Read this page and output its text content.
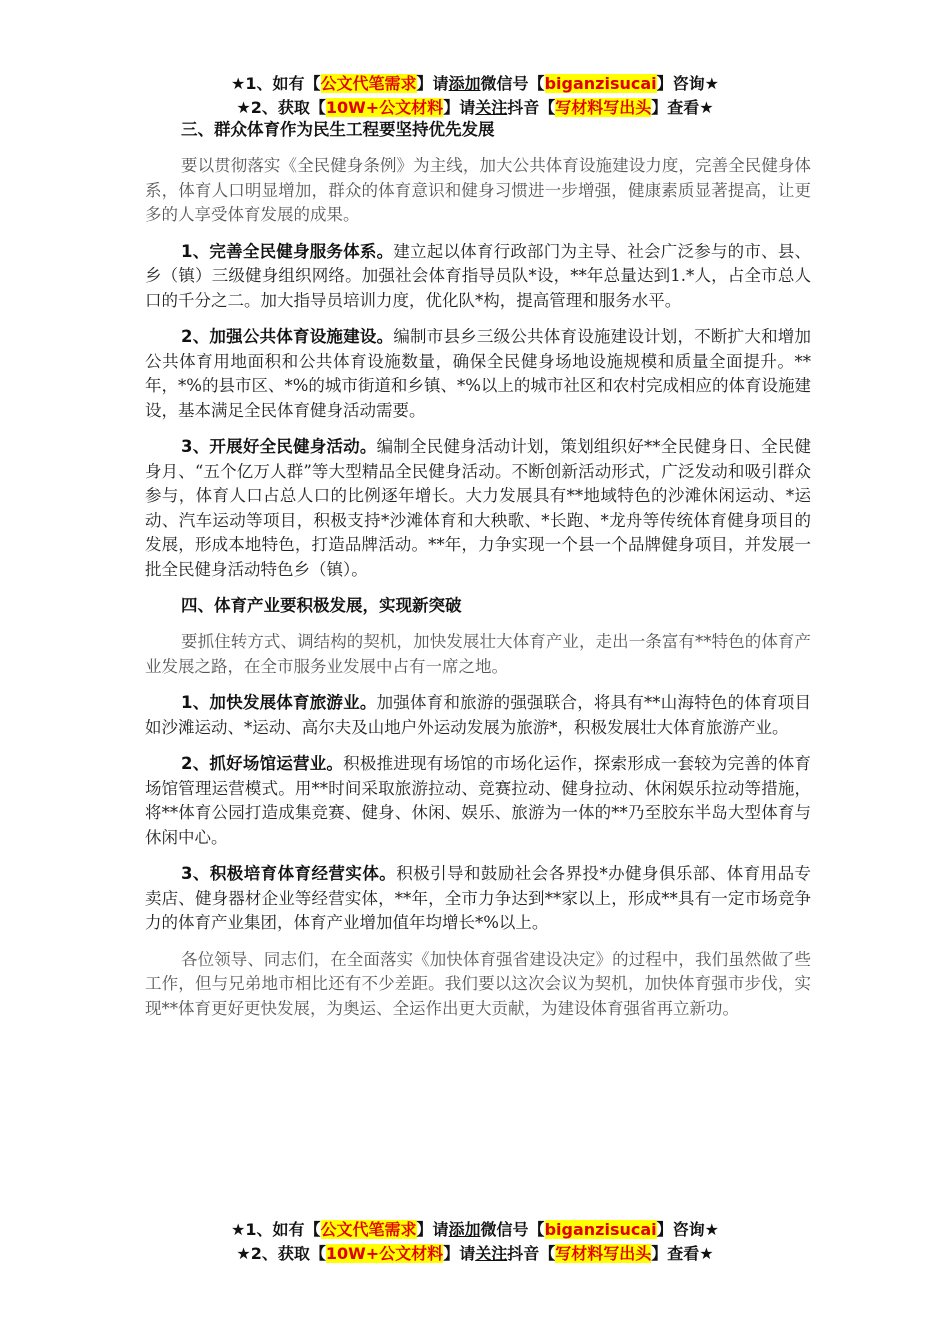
★1、如有【公文代笔需求】请添加微信号【biganzisucai】咨询★
★2、获取【10W+公文材料】请关注抖音【写材料写出头】查看★
三、群众体育作为民生工程要坚持优先发展

要以贯彻落实《全民健身条例》为主线，加大公共体育设施建设力度，完善全民健身体系，体育人口明显增加，群众的体育意识和健身习惯进一步增强，健康素质显著提高，让更多的人享受体育发展的成果。

1、完善全民健身服务体系。建立起以体育行政部门为主导、社会广泛参与的市、县、乡（镇）三级健身组织网络。加强社会体育指导员队*设，**年总量达到1.*人，占全市总人口的千分之二。加大指导员培训力度，优化队*构，提高管理和服务水平。

2、加强公共体育设施建设。编制市县乡三级公共体育设施建设计划，不断扩大和增加公共体育用地面积和公共体育设施数量，确保全民健身场地设施规模和质量全面提升。**年，*%的县市区、*%的城市街道和乡镇、*%以上的城市社区和农村完成相应的体育设施建设，基本满足全民体育健身活动需要。

3、开展好全民健身活动。编制全民健身活动计划，策划组织好**全民健身日、全民健身月、“五个亿万人群”等大型精品全民健身活动。不断创新活动形式，广泛发动和吸引群众参与，体育人口占总人口的比例逐年增长。大力发展具有**地域特色的沙滩休闲运动、*运动、汽车运动等项目，积极支持*沙滩体育和大秧歌、*长跑、*龙舟等传统体育健身项目的发展，形成本地特色，打造品牌活动。**年，力争实现一个县一个品牌健身项目，并发展一批全民健身活动特色乡（镇）。

四、体育产业要积极发展，实现新突破

要抓住转方式、调结构的契机，加快发展壮大体育产业，走出一条富有**特色的体育产业发展之路，在全市服务业发展中占有一席之地。

1、加快发展体育旅游业。加强体育和旅游的强强联合，将具有**山海特色的体育项目如沙滩运动、*运动、高尔夫及山地户外运动发展为旅游*，积极发展壮大体育旅游产业。

2、抓好场馆运营业。积极推进现有场馆的市场化运作，探索形成一套较为完善的体育场馆管理运营模式。用**时间采取旅游拉动、竞赛拉动、健身拉动、休闲娱乐拉动等措施，将**体育公园打造成集竞赛、健身、休闲、娱乐、旅游为一体的**乃至胶东半岛大型体育与休闲中心。

3、积极培育体育经营实体。积极引导和鼓励社会各界投*办健身俱乐部、体育用品专卖店、健身器材企业等经营实体，**年，全市力争达到**家以上，形成**具有一定市场竞争力的体育产业集团，体育产业增加值年均增长*%以上。

各位领导、同志们，在全面落实《加快体育强省建设决定》的过程中，我们虽然做了些工作，但与兄弟地市相比还有不少差距。我们要以这次会议为契机，加快体育强市步伐，实现**体育更好更快发展，为奥运、全运作出更大贡献，为建设体育强省再立新功。

★1、如有【公文代笔需求】请添加微信号【biganzisucai】咨询★
★2、获取【10W+公文材料】请关注抖音【写材料写出头】查看★
